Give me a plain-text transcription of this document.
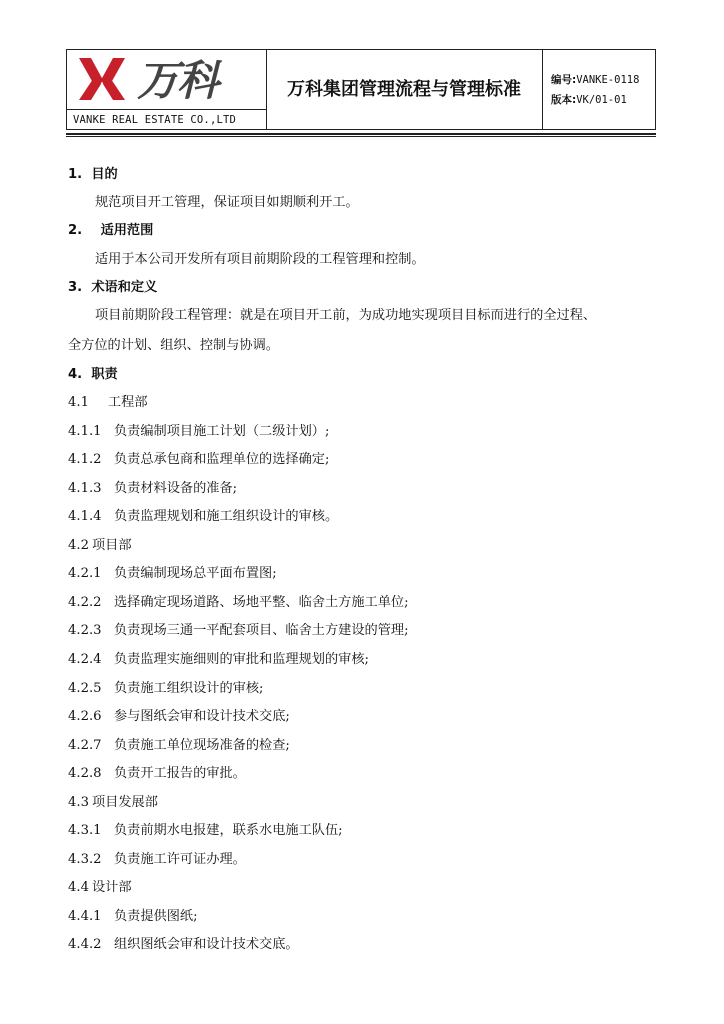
万科
VANKE REAL ESTATE CO.,LTD
万科集团管理流程与管理标准	编号:VANKE-0118
版本:VK/01-01
1. 目的
规范项目开工管理，保证项目如期顺利开工。
2. 适用范围
适用于本公司开发所有项目前期阶段的工程管理和控制。
3. 术语和定义
项目前期阶段工程管理：就是在项目开工前，为成功地实现项目目标而进行的全过程、
全方位的计划、组织、控制与协调。
4. 职责
4.1 工程部
4.1.1 负责编制项目施工计划（二级计划）;
4.1.2 负责总承包商和监理单位的选择确定;
4.1.3 负责材料设备的准备;
4.1.4 负责监理规划和施工组织设计的审核。
4.2 项目部
4.2.1 负责编制现场总平面布置图;
4.2.2 选择确定现场道路、场地平整、临舍土方施工单位;
4.2.3 负责现场三通一平配套项目、临舍土方建设的管理;
4.2.4 负责监理实施细则的审批和监理规划的审核;
4.2.5 负责施工组织设计的审核;
4.2.6 参与图纸会审和设计技术交底;
4.2.7 负责施工单位现场准备的检查;
4.2.8 负责开工报告的审批。
4.3 项目发展部
4.3.1 负责前期水电报建，联系水电施工队伍;
4.3.2 负责施工许可证办理。
4.4 设计部
4.4.1 负责提供图纸;
4.4.2 组织图纸会审和设计技术交底。
